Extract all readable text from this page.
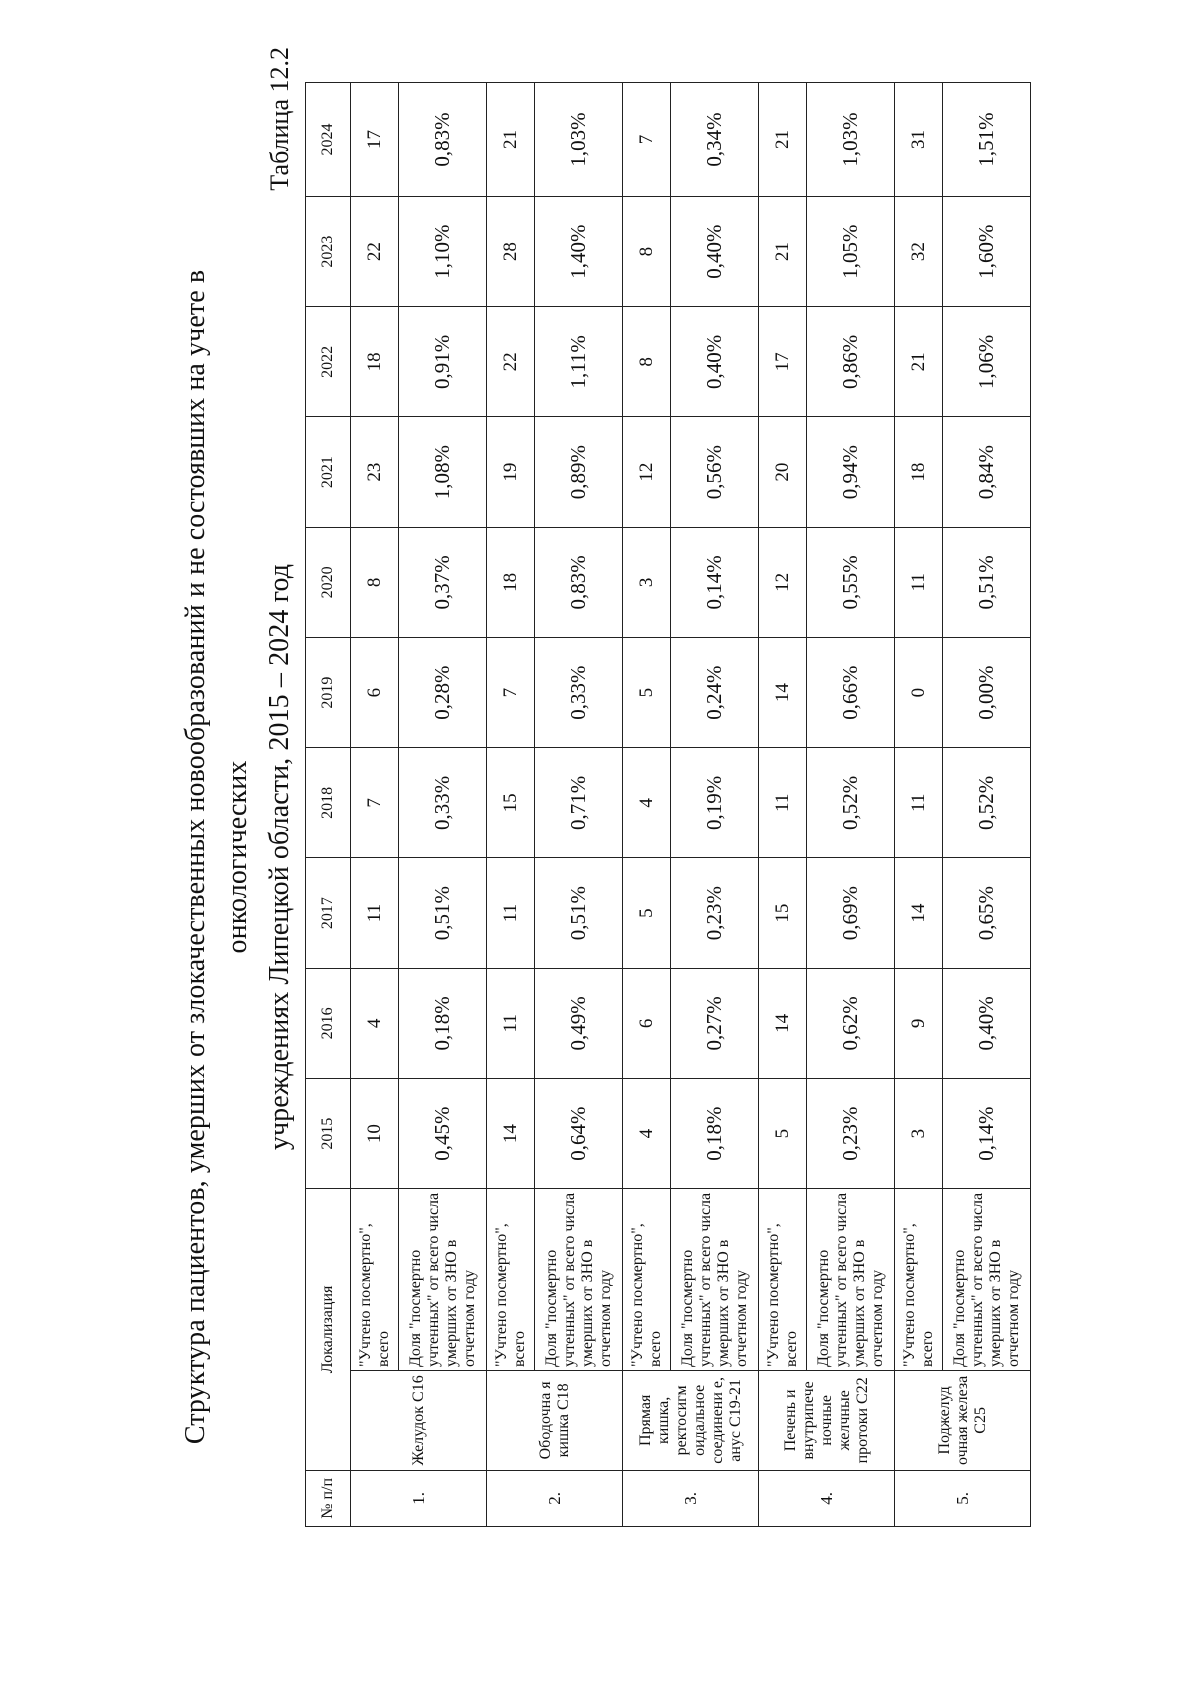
Структура пациентов, умерших от злокачественных новообразований и не состоявших на учете в онкологических учреждениях Липецкой области, 2015 – 2024 год
Таблица 12.2
№ п/п	Локализация		2015	2016	2017	2018	2019	2020	2021	2022	2023	2024
1.	Желудок С16	"Учтено посмертно", всего	10	4	11	7	6	8	23	18	22	17
		Доля "посмертно учтенных" от всего числа умерших от ЗНО в отчетном году	0,45%	0,18%	0,51%	0,33%	0,28%	0,37%	1,08%	0,91%	1,10%	0,83%
2.	Ободочна я кишка С18	"Учтено посмертно", всего	14	11	11	15	7	18	19	22	28	21
		Доля "посмертно учтенных" от всего числа умерших от ЗНО в отчетном году	0,64%	0,49%	0,51%	0,71%	0,33%	0,83%	0,89%	1,11%	1,40%	1,03%
3.	Прямая кишка, ректосигм оидальное соединени е, анус С19-21	"Учтено посмертно", всего	4	6	5	4	5	3	12	8	8	7
		Доля "посмертно учтенных" от всего числа умерших от ЗНО в отчетном году	0,18%	0,27%	0,23%	0,19%	0,24%	0,14%	0,56%	0,40%	0,40%	0,34%
4.	Печень и внутрипече ночные желчные протоки С22	"Учтено посмертно", всего	5	14	15	11	14	12	20	17	21	21
		Доля "посмертно учтенных" от всего числа умерших от ЗНО в отчетном году	0,23%	0,62%	0,69%	0,52%	0,66%	0,55%	0,94%	0,86%	1,05%	1,03%
5.	Поджелуд очная железа С25	"Учтено посмертно", всего	3	9	14	11	0	11	18	21	32	31
		Доля "посмертно учтенных" от всего числа умерших от ЗНО в отчетном году	0,14%	0,40%	0,65%	0,52%	0,00%	0,51%	0,84%	1,06%	1,60%	1,51%
